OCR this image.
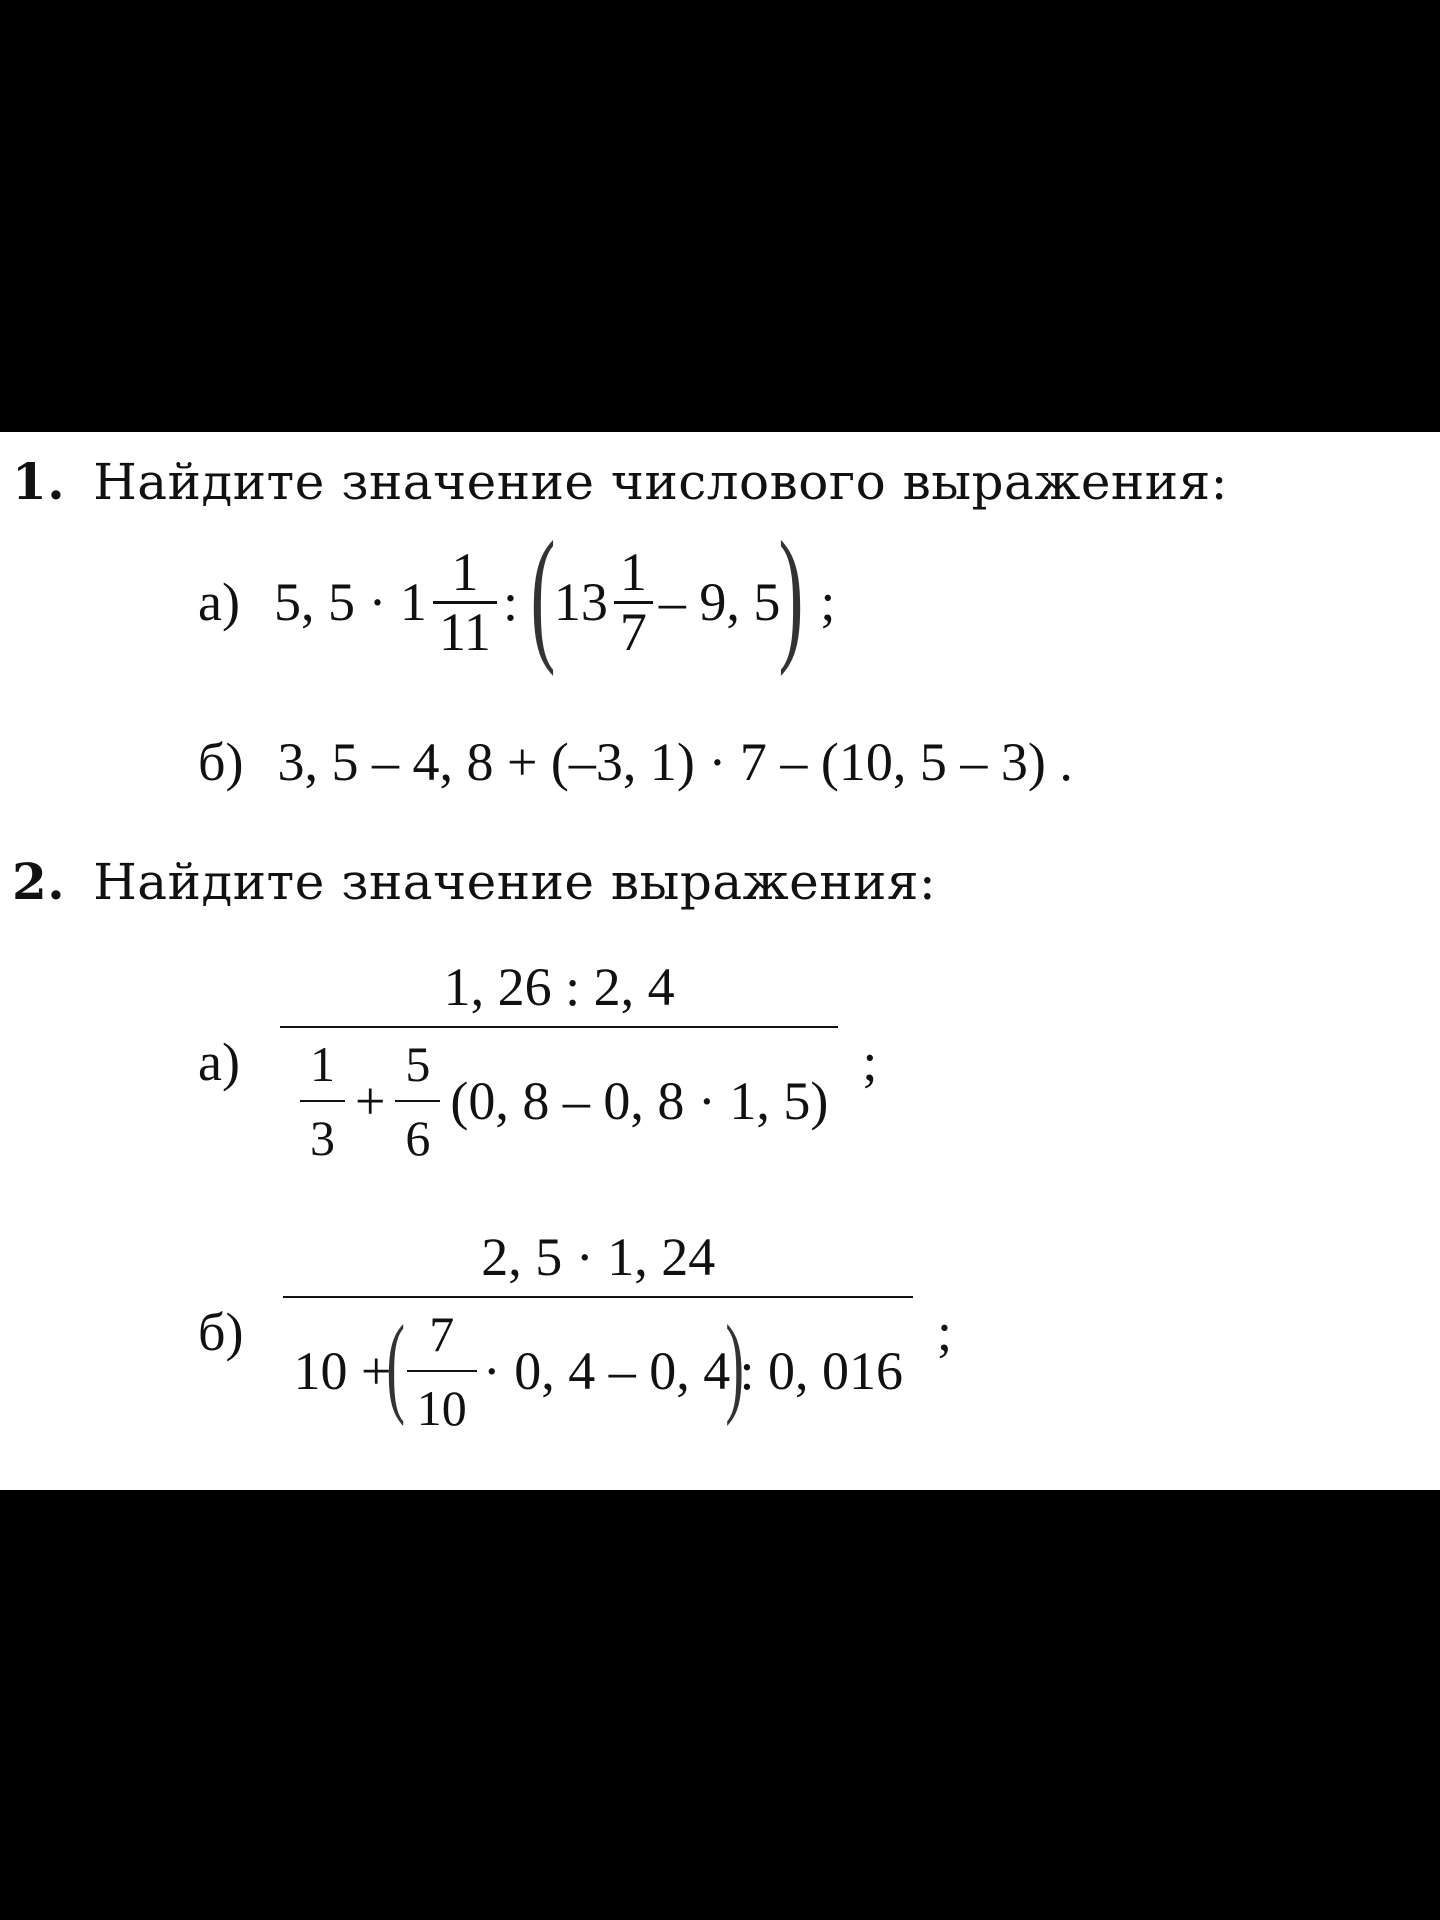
1. Найдите значение числового выражения:
а) 5, $5 \cdot 1 \frac{1}{11}$ : (
$13 \frac{1}{7} - 9$, 5
) ;
б) 3, 5 – 4, 8 + (–3, 1) · 7 – (10, 5 – 3) .
2. Найдите значение выражения:
а)
1, 26 : 2, 4
$\frac{1}{3} + \frac{5}{6} (0$, 8 – 0, 8 · 1, 5)
;
б)
2, 5 · 1, 24
10 +
( $\frac{7}{10} \cdot 0$, 4 – 0, 4
)
: 0, 016
;
